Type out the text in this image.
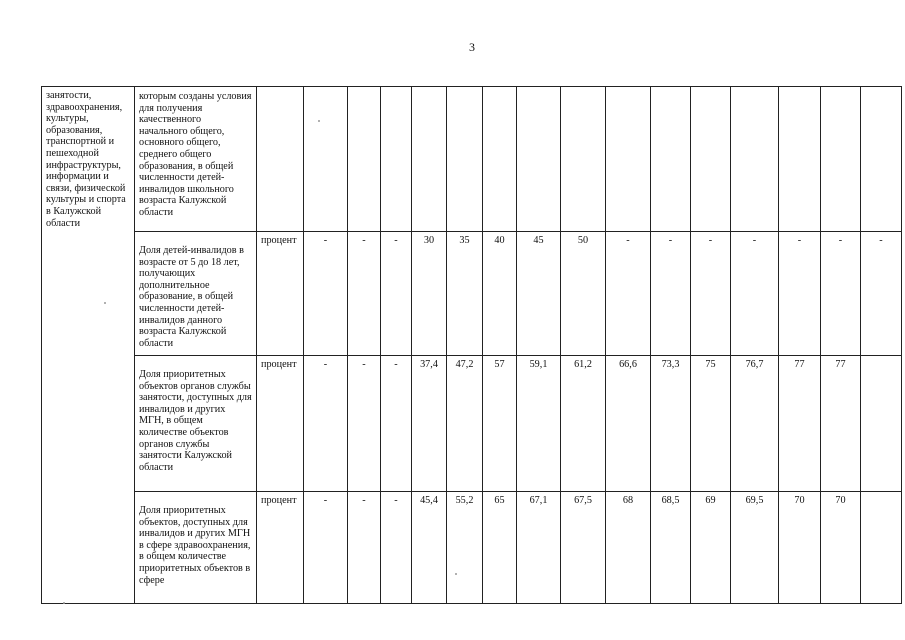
3
занятости, здравоохранения, культуры, образования, транспортной и пешеходной инфраструктуры, информации и связи, физической культуры и спорта в Калужской области	которым созданы условия для получения качественного начального общего, основного общего, среднего общего образования, в общей численности детей-инвалидов школьного возраста Калужской области																

	Доля детей-инвалидов в возрасте от 5 до 18 лет, получающих дополнительное образование, в общей численности детей-инвалидов данного возраста Калужской области	процент	-	-	-	30	35	40	45	50	-	-	-	-	-	-	-

	Доля приоритетных объектов органов службы занятости, доступных для инвалидов и других МГН, в общем количестве объектов органов службы занятости Калужской области	процент	-	-	-	37,4	47,2	57	59,1	61,2	66,6	73,3	75	76,7	77	77	

	Доля приоритетных объектов, доступных для инвалидов и других МГН в сфере здравоохранения, в общем количестве приоритетных объектов в сфере	процент	-	-	-	45,4	55,2	65	67,1	67,5	68	68,5	69	69,5	70	70	
